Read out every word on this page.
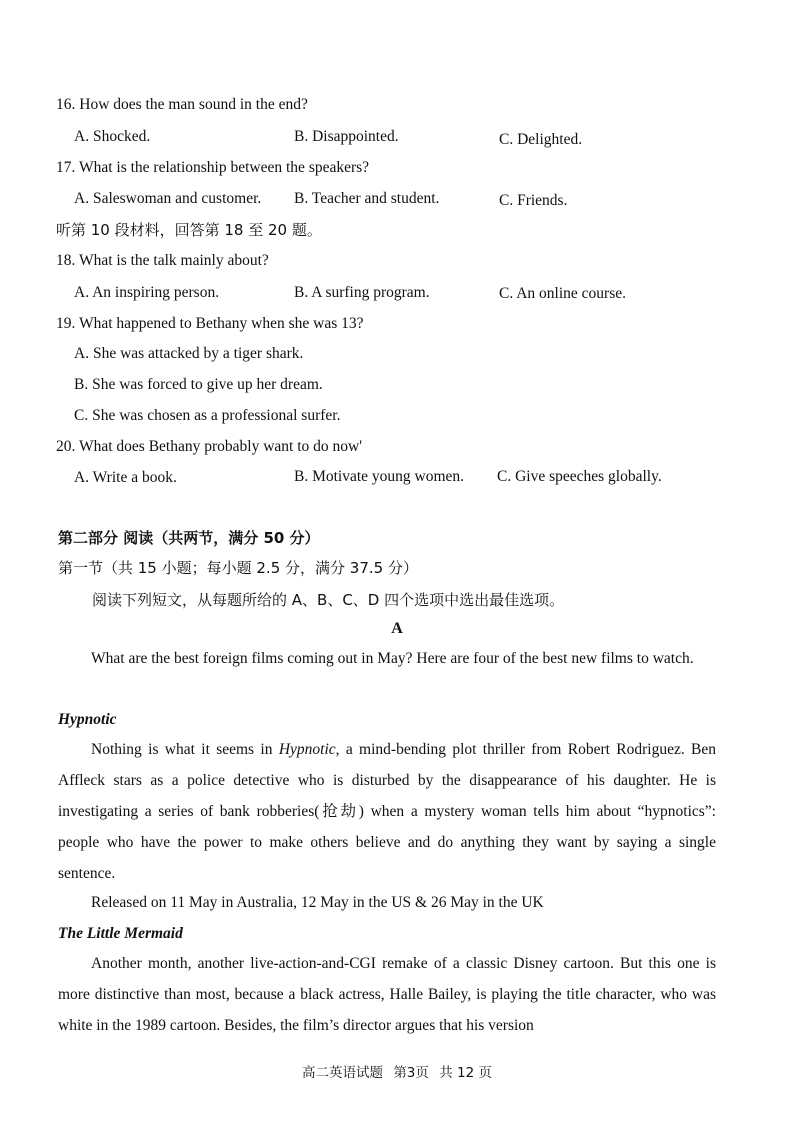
16. How does the man sound in the end?
A. Shocked.	B. Disappointed.	C. Delighted.
17. What is the relationship between the speakers?
A. Saleswoman and customer. B. Teacher and student.	C. Friends.
听第 10 段材料，回答第 18 至 20 题。
18. What is the talk mainly about?
A. An inspiring person.	B. A surfing program.	C. An online course.
19. What happened to Bethany when she was 13?
A. She was attacked by a tiger shark.
B. She was forced to give up her dream.
C. She was chosen as a professional surfer.
20. What does Bethany probably want to do now'
A. Write a book.	B. Motivate young women. C. Give speeches globally.
第二部分 阅读（共两节，满分 50 分）
第一节（共 15 小题；每小题 2.5 分，满分 37.5 分）
阅读下列短文，从每题所给的 A、B、C、D 四个选项中选出最佳选项。
A
What are the best foreign films coming out in May? Here are four of the best new films to watch.
Hypnotic
Nothing is what it seems in Hypnotic, a mind-bending plot thriller from Robert Rodriguez. Ben Affleck stars as a police detective who is disturbed by the disappearance of his daughter. He is investigating a series of bank robberies(抢劫) when a mystery woman tells him about “hypnotics”: people who have the power to make others believe and do anything they want by saying a single sentence.
Released on 11 May in Australia, 12 May in the US & 26 May in the UK
The Little Mermaid
Another month, another live-action-and-CGI remake of a classic Disney cartoon. But this one is more distinctive than most, because a black actress, Halle Bailey, is playing the title character, who was white in the 1989 cartoon. Besides, the film’s director argues that his version
高二英语试题 第3页 共 12 页
